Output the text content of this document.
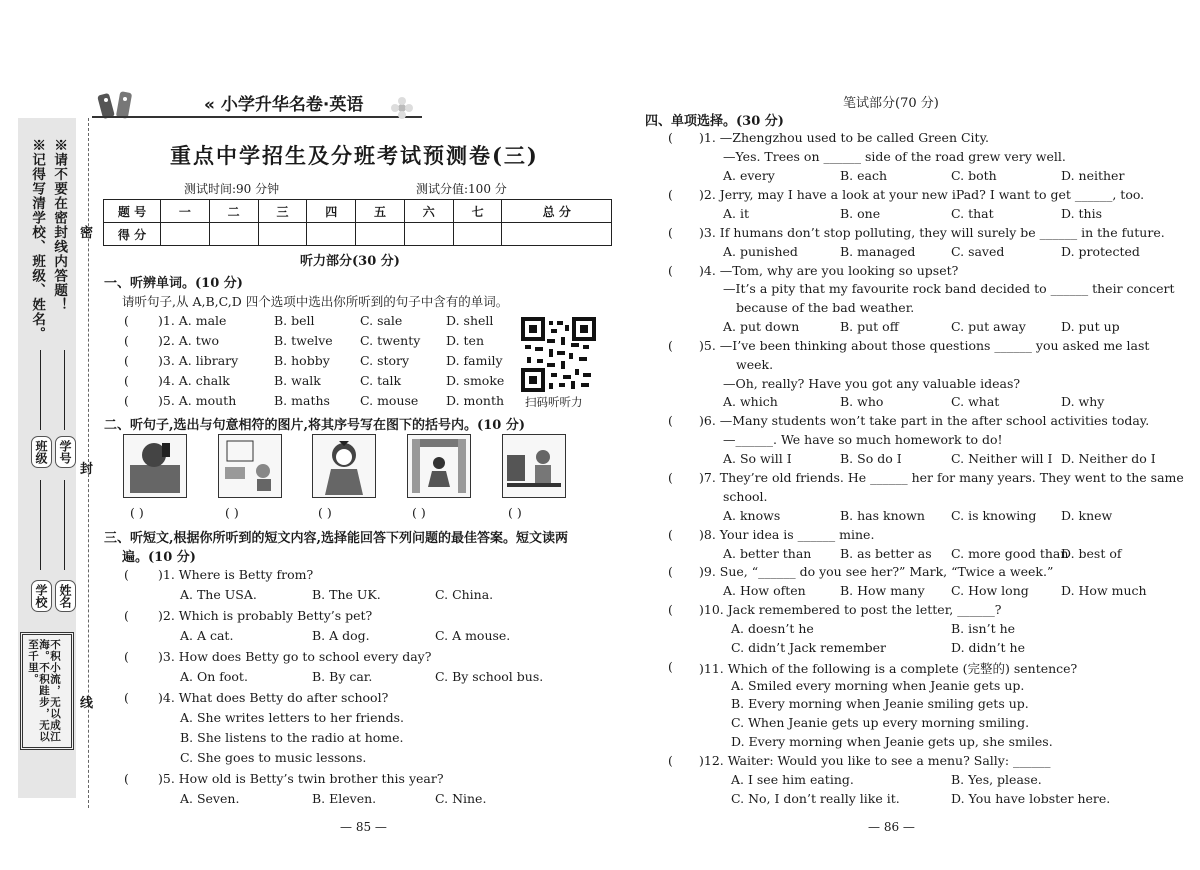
※请不要在密封线内答题！
※记得写清学校、班级、姓名。
班级 学号
学校 姓名
不积小流，无以成江海。不积跬步，无以至千里。
密
封
线
« 小学升华名卷·英语
重点中学招生及分班考试预测卷(三)
测试时间:90 分钟	测试分值:100 分
题 号	一	二	三	四	五	六	七	总 分
得 分								
听力部分(30 分)
一、听辨单词。(10 分)
请听句子,从 A,B,C,D 四个选项中选出你所听到的句子中含有的单词。
( )1. A. male	B. bell	C. sale	D. shell
( )2. A. two	B. twelve C. twenty D. ten
( )3. A. library	B. hobby C. story	D. family
( )4. A. chalk	B. walk	C. talk	D. smoke
( )5. A. mouth	B. maths C. mouse D. month 扫码听听力
二、听句子,选出与句意相符的图片,将其序号写在图下的括号内。(10 分)
( )	( )	( )	( )	( )
三、听短文,根据你所听到的短文内容,选择能回答下列问题的最佳答案。短文读两
遍。(10 分)
( )1. Where is Betty from?
A. The USA.	B. The UK.	C. China.
( )2. Which is probably Betty’s pet?
A. A cat.	B. A dog.	C. A mouse.
( )3. How does Betty go to school every day?
A. On foot.	B. By car.	C. By school bus.
( )4. What does Betty do after school?
A. She writes letters to her friends.
B. She listens to the radio at home.
C. She goes to music lessons.
( )5. How old is Betty’s twin brother this year?
A. Seven.	B. Eleven.	C. Nine.
— 85 —
笔试部分(70 分)
四、单项选择。(30 分)
( )1. —Zhengzhou used to be called Green City.
—Yes. Trees on ______ side of the road grew very well.
A. every	B. each	C. both	D. neither
( )2. Jerry, may I have a look at your new iPad? I want to get ______, too.
A. it	B. one	C. that	D. this
( )3. If humans don’t stop polluting, they will surely be ______ in the future.
A. punished	B. managed	C. saved	D. protected
( )4. —Tom, why are you looking so upset?
—It’s a pity that my favourite rock band decided to ______ their concert
because of the bad weather.
A. put down	B. put off	C. put away	D. put up
( )5. —I’ve been thinking about those questions ______ you asked me last
week.
—Oh, really? Have you got any valuable ideas?
A. which	B. who	C. what	D. why
( )6. —Many students won’t take part in the after school activities today.
—______. We have so much homework to do!
A. So will I	B. So do I	C. Neither will I D. Neither do I
( )7. They’re old friends. He ______ her for many years. They went to the same
school.
A. knows	B. has known C. is knowing D. knew
( )8. Your idea is ______ mine.
A. better than B. as better as C. more good than
D. best of
( )9. Sue, “______ do you see her?” Mark, “Twice a week.”
A. How often	B. How many C. How long	D. How much
( )10. Jack remembered to post the letter, ______?
A. doesn’t he	B. isn’t he
C. didn’t Jack remember	D. didn’t he
( )11. Which of the following is a complete (完整的) sentence?
A. Smiled every morning when Jeanie gets up.
B. Every morning when Jeanie smiling gets up.
C. When Jeanie gets up every morning smiling.
D. Every morning when Jeanie gets up, she smiles.
( )12. Waiter: Would you like to see a menu? Sally: ______
A. I see him eating.	B. Yes, please.
C. No, I don’t really like it.	D. You have lobster here.
— 86 —
